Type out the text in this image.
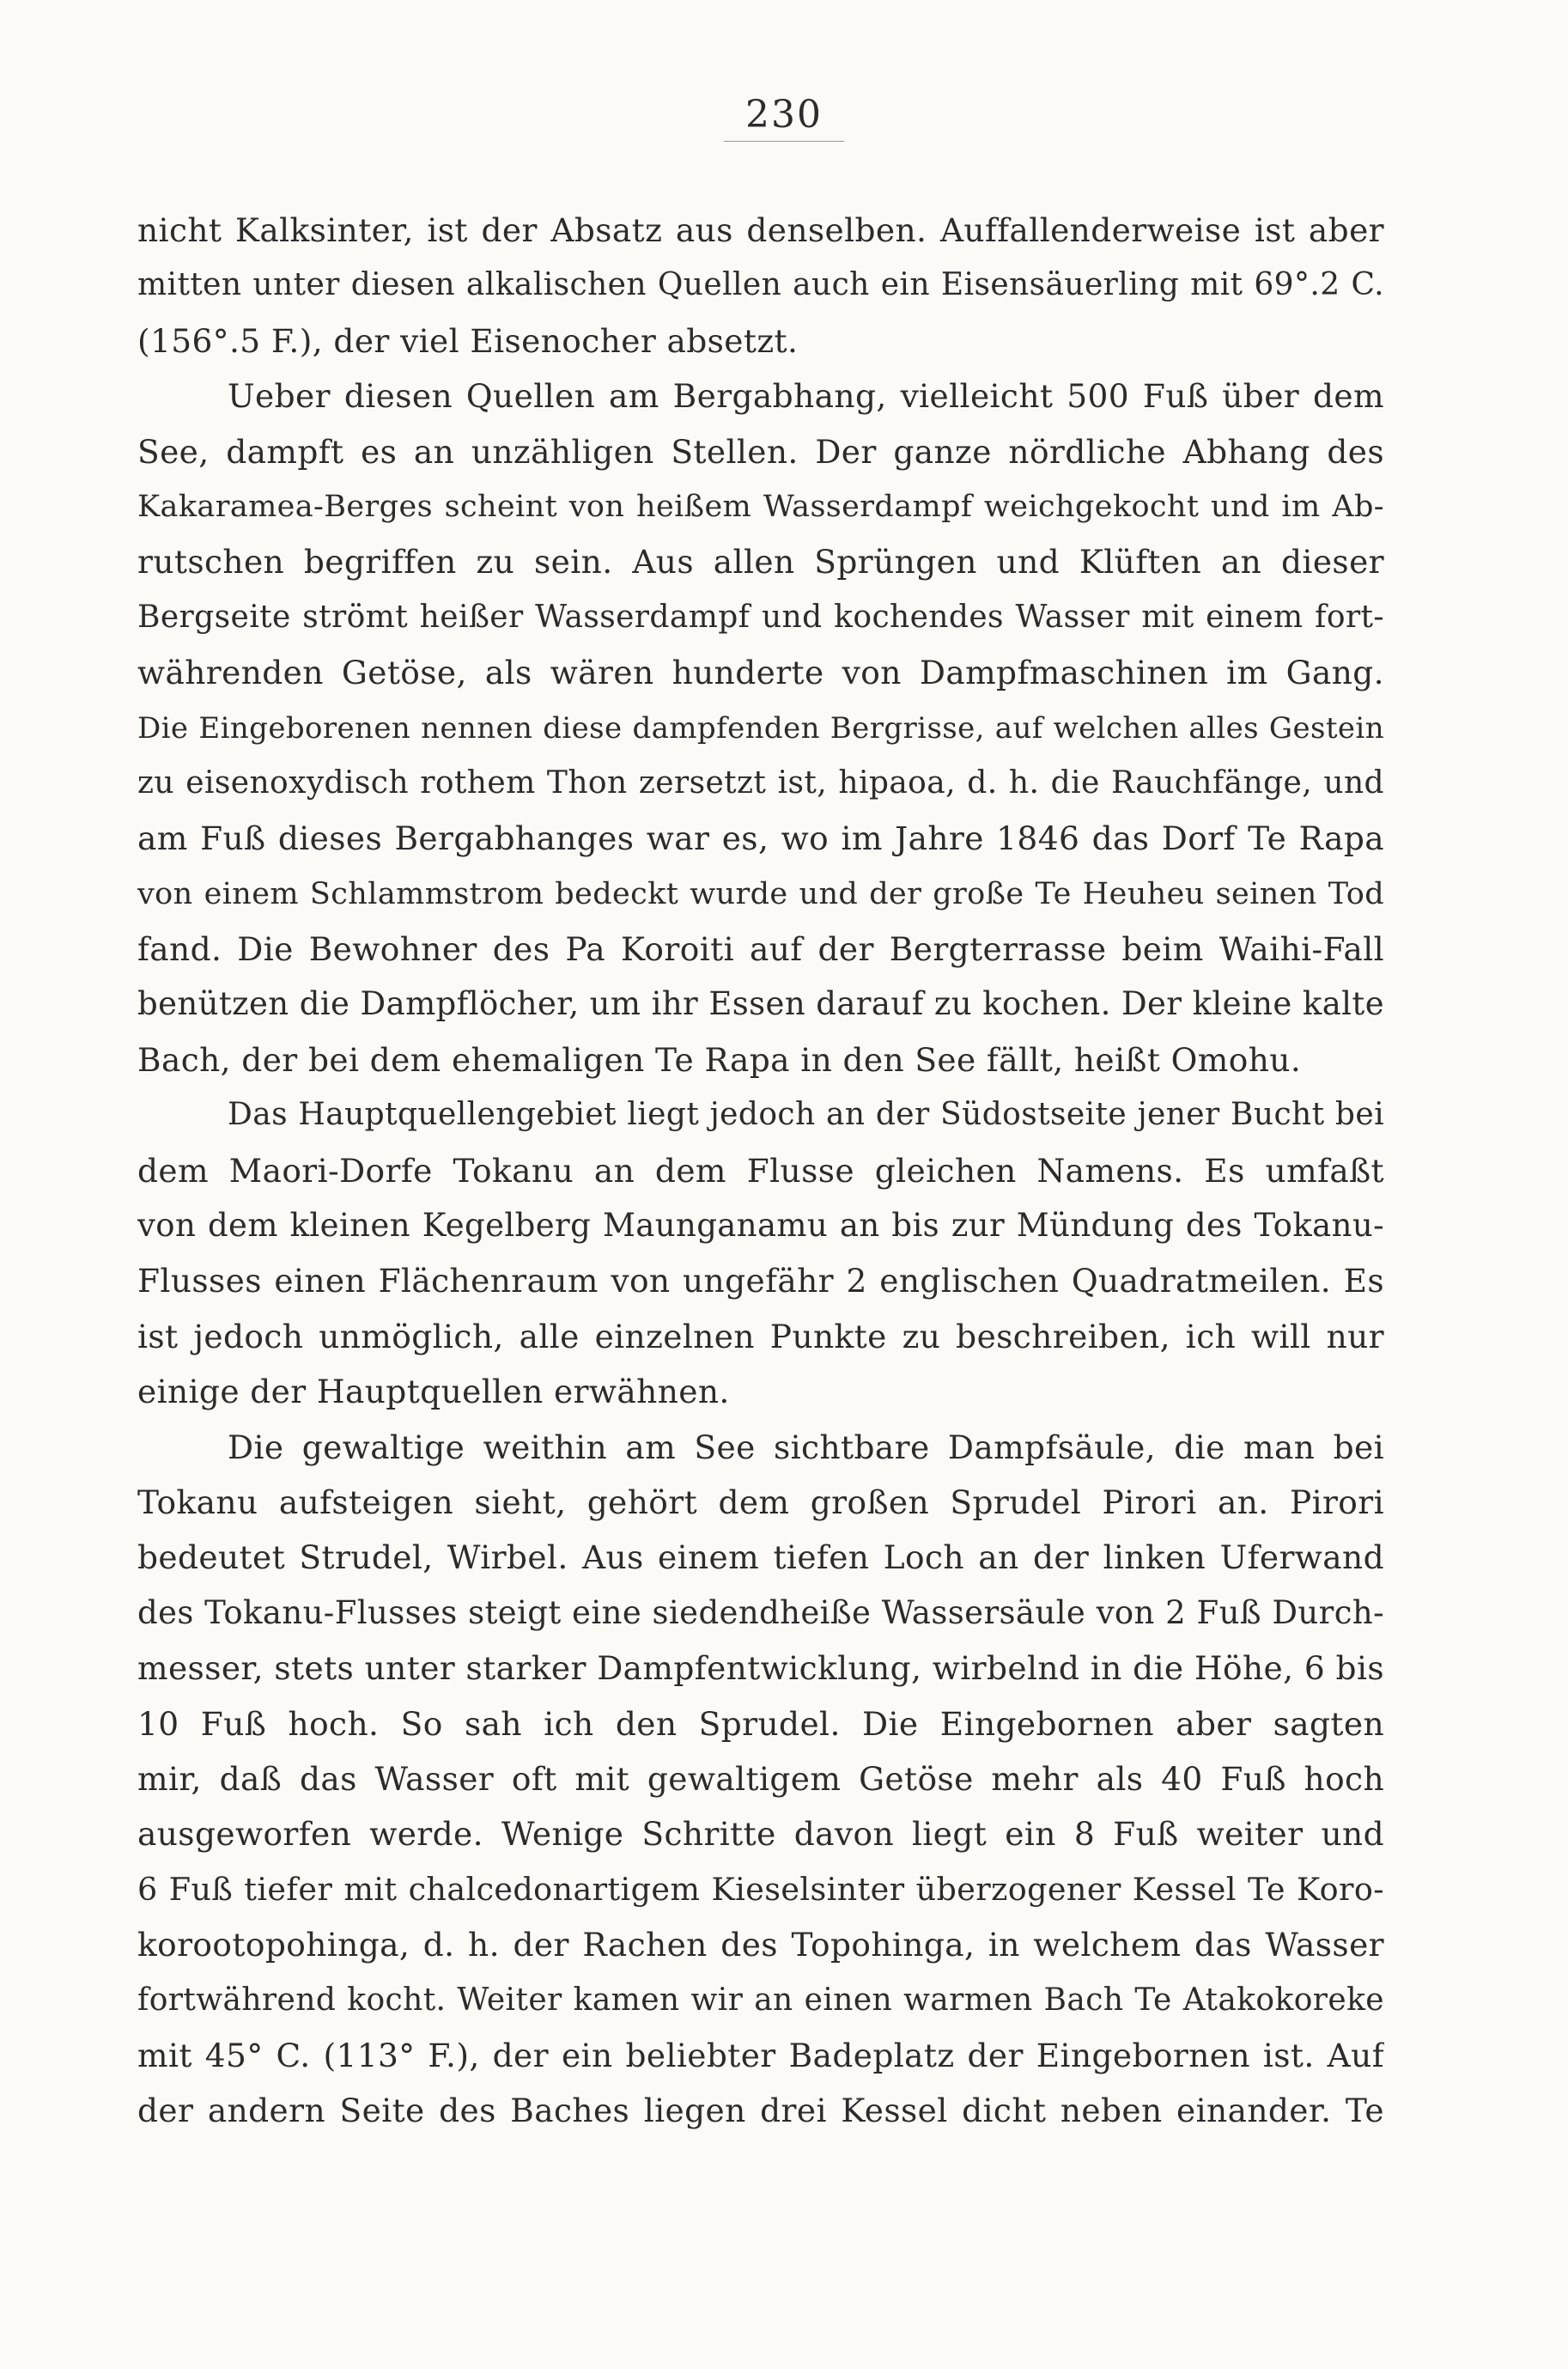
230
nicht Kalksinter, ist der Absatz aus denselben. Auffallenderweise ist aber
mitten unter diesen alkalischen Quellen auch ein Eisensäuerling mit 69°.2 C.
(156°.5 F.), der viel Eisenocher absetzt.
Ueber diesen Quellen am Bergabhang, vielleicht 500 Fuß über dem
See, dampft es an unzähligen Stellen. Der ganze nördliche Abhang des
Kakaramea-Berges scheint von heißem Wasserdampf weichgekocht und im Ab-
rutschen begriffen zu sein. Aus allen Sprüngen und Klüften an dieser
Bergseite strömt heißer Wasserdampf und kochendes Wasser mit einem fort-
währenden Getöse, als wären hunderte von Dampfmaschinen im Gang.
Die Eingeborenen nennen diese dampfenden Bergrisse, auf welchen alles Gestein
zu eisenoxydisch rothem Thon zersetzt ist, hipaoa, d. h. die Rauchfänge, und
am Fuß dieses Bergabhanges war es, wo im Jahre 1846 das Dorf Te Rapa
von einem Schlammstrom bedeckt wurde und der große Te Heuheu seinen Tod
fand. Die Bewohner des Pa Koroiti auf der Bergterrasse beim Waihi-Fall
benützen die Dampflöcher, um ihr Essen darauf zu kochen. Der kleine kalte
Bach, der bei dem ehemaligen Te Rapa in den See fällt, heißt Omohu.
Das Hauptquellengebiet liegt jedoch an der Südostseite jener Bucht bei
dem Maori-Dorfe Tokanu an dem Flusse gleichen Namens. Es umfaßt
von dem kleinen Kegelberg Maunganamu an bis zur Mündung des Tokanu-
Flusses einen Flächenraum von ungefähr 2 englischen Quadratmeilen. Es
ist jedoch unmöglich, alle einzelnen Punkte zu beschreiben, ich will nur
einige der Hauptquellen erwähnen.
Die gewaltige weithin am See sichtbare Dampfsäule, die man bei
Tokanu aufsteigen sieht, gehört dem großen Sprudel Pirori an. Pirori
bedeutet Strudel, Wirbel. Aus einem tiefen Loch an der linken Uferwand
des Tokanu-Flusses steigt eine siedendheiße Wassersäule von 2 Fuß Durch-
messer, stets unter starker Dampfentwicklung, wirbelnd in die Höhe, 6 bis
10 Fuß hoch. So sah ich den Sprudel. Die Eingebornen aber sagten
mir, daß das Wasser oft mit gewaltigem Getöse mehr als 40 Fuß hoch
ausgeworfen werde. Wenige Schritte davon liegt ein 8 Fuß weiter und
6 Fuß tiefer mit chalcedonartigem Kieselsinter überzogener Kessel Te Koro-
korootopohinga, d. h. der Rachen des Topohinga, in welchem das Wasser
fortwährend kocht. Weiter kamen wir an einen warmen Bach Te Atakokoreke
mit 45° C. (113° F.), der ein beliebter Badeplatz der Eingebornen ist. Auf
der andern Seite des Baches liegen drei Kessel dicht neben einander. Te
